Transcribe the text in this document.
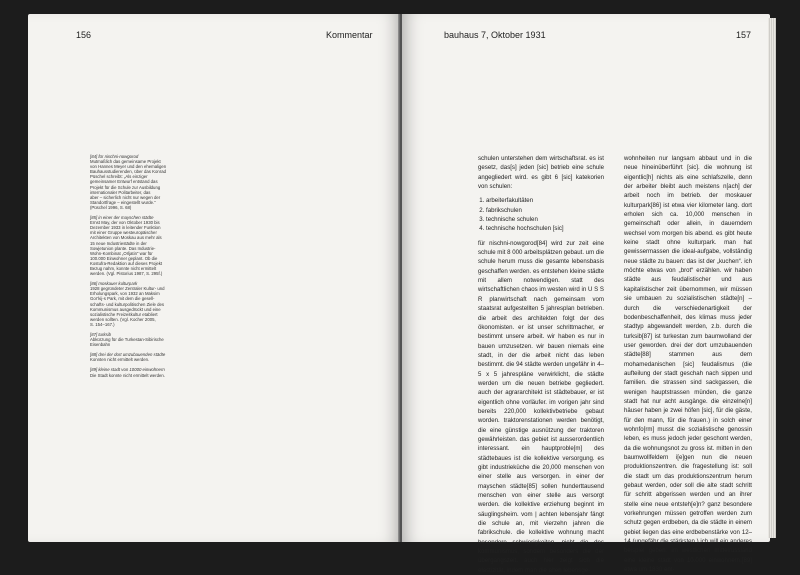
156	Kommentar
[84] für nischni-nowgorod
Mutmaßlich das gemeinsame Projekt
von Hannes Meyer und den ehemaligen
Bauhausstudierenden, über das Konrad
Püschel schreibt: „Als einziger
gemeinsamer Entwurf entstand das
Projekt für die Schule zur Ausbildung
internationaler Politarbeiter, das
aber – sicherlich nicht nur wegen der
Standortfrage – eingestellt wurde.“
(Püschel 1996, S. 68)
[85] in einer der mayschen städte
Ernst May, der von Oktober 1930 bis
Dezember 1933 in leitender Funktion
mit einer Gruppe westeuropäischer
Architekten von Moskau aus mehr als
15 neue Industriestädte in der
Sowjetunion plante. Das Industrie-
Wohn-Kombinat „Orljatin“ war für
100.000 Einwohner geplant. Ob die
Kostufra-Redaktion auf dieses Projekt
Bezug nahm, konnte nicht ermittelt
werden. (Vgl. Pistorius 1987, S. 295f.)
[86] moskauer kulturpark
1928 gegründeter Zentraler Kultur- und
Erholungspark, von 1932 an Maksim
Gor’kij-s Park, mit dem die gesell-
schafts- und kulturpolitischen Ziele des
Kommunismus ausgedrückt und eine
sozialistische Freizeitkultur etabliert
werden sollten. (Vgl. Kocher 2005,
S. 154–167.)
[87] turksib
Abkürzung für die Turkestan-Sibirische
Eisenbahn
[88] drei der dort umzubauenden städte
Konnten nicht ermittelt werden.
[89] kleine stadt von 10000 einwohnern
Die Stadt konnte nicht ermittelt werden.
bauhaus 7, Oktober 1931	157

schulen unterstehen dem wirtschaftsrat. es ist gesetz, das[s] jeden [sic] betrieb eine schule angegliedert wird. es gibt 6 [sic] katekorien von schulen:

1. arbeiterfakultäten
2. fabrikschulen
3. technische schulen
4. technische hochschulen [sic]

für nischni-nowgorod[84] wird zur zeit eine schule mit 8 000 arbeitsplätzen gebaut. um die schule herum muss die gesamte lebensbasis geschaffen werden. es entstehen kleine städte mit allem notwendigen. statt des wirtschaftlichen chaos im westen wird in U S S R planwirtschaft nach gemeinsam vom staatsrat aufgestellten 5 jahresplan betrieben. die arbeit des architekten folgt der des ökonomisten. er ist unser schrittmacher, er bestimmt unsere arbeit. wir haben es nur in bauen umzusetzen. wir bauen niemals eine stadt, in der die arbeit nicht das leben bestimmt. die 94 städte werden ungefähr in 4–5 x 5 jahrespläne verwirklicht, die städte werden um die neuen betriebe gegliedert. auch der agrararchitekt ist städtebauer, er ist eigentlich ohne vorläufer. im vorigen jahr sind bereits 220,000 kollektivbetriebe gebaut worden. traktorenstationen werden benötigt, die eine günstige ausnützung der traktoren gewährleisten. das gebiet ist ausserordentlich interessant. ein hauptproble[m] des städtebaues ist die kollektive versorgung. es gibt industrieküche die 20,000 menschen von einer stelle aus versorgen. in einer der mayschen städte[85] sollen hunderttausend menschen von einer stelle aus versorgt werden. die kollektive erziehung beginnt im säuglingsheim. vom | achten lebensjahr fängt die schule an, mit vierzehn jahren die fabrikschule. die kollektive wohnung macht besondere schwierigkeiten, nicht die des kommunismus, sondern besonders die der übergangszeit. auch hier zeigt sich die elastizität, indem man die alten lebensge-

wohnheiten nur langsam abbaut und in die neue hineinüberführt [sic]. die wohnung ist eigentlic[h] nichts als eine schlafszelle, denn der arbeiter bleibt auch meistens n[ach] der arbeit noch im betrieb. der moskauer kulturpark[86] ist etwa vier kilometer lang. dort erholen sich ca. 10,000 menschen in gemeinschaft oder allein, in dauerndem wechsel vom morgen bis abend. es gibt heute keine stadt ohne kulturpark. man hat gewissermassen die ideal-aufgabe, vollständig neue städte zu bauen: das ist der „kuchen“. ich möchte etwas von „brot“ erzählen. wir haben städte aus feudalistischer und aus kapitalistischer zeit übernommen, wir müssen sie umbauen zu sozialistischen städte[n] – durch die verschiedenartigkeit der bodenbeschaffenheit, des klimas muss jeder stadtyp abgewandelt werden, z.b. durch die turksib[87] ist turkestan zum baumwolland der user geworden. drei der dort umzubauenden städte[88] stammen aus dem mohamedanischen [sic] feudalismus (die aufteilung der stadt geschah nach sippen und familien. die strassen sind sackgassen, die wenigen hauptstrassen münden, die ganze stadt hat nur acht ausgänge. die einzelne[n] häuser haben je zwei höfen [sic], für die gäste, für den mann, für die frauen.) in solch einer wohnfo[rm] musst die sozialistische genossin leben, es muss jedoch jeder geschont werden, da die wohnungsnot zu gross ist. mitten in den baumwollfeldern i[e]gen nun die neuen produktionszentren. die fragestellung ist: soll die stadt um das produktionszentrum herum gebaut werden, oder soll die alte stadt schritt für schritt abgerissen werden und an ihrer stelle eine neue entsteh[e]n? ganz besondere vorkehrungen müssen getroffen werden zum schutz gegen erdbeben, da die städte in einem gebiet liegen das eine erdbebenstärke von 12–14 (ungefähr die stärksten.) ich will ein anderes beispiel geben: im westlichen mittelrussland eine kleine stadt von 10,000 einwohnern,[89] etwa um 1830 ent-
